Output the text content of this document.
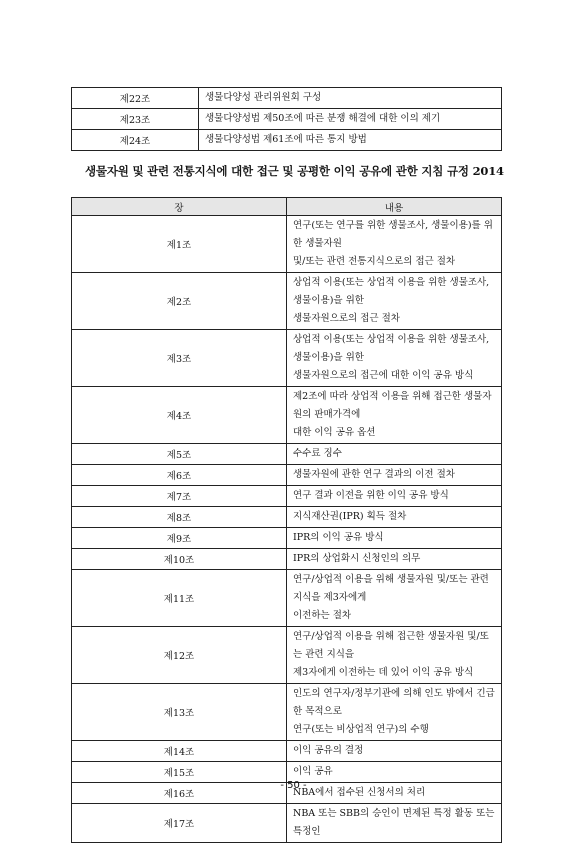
제22조	생물다양성 관리위원회 구성
제23조	생물다양성법 제50조에 따른 분쟁 해결에 대한 이의 제기
제24조	생물다양성법 제61조에 따른 통지 방법
생물자원 및 관련 전통지식에 대한 접근 및 공평한 이익 공유에 관한 지침 규정 2014
장	내용
제1조	연구(또는 연구를 위한 생물조사, 생물이용)를 위한 생물자원
및/또는 관련 전통지식으로의 접근 절차

제2조	상업적 이용(또는 상업적 이용을 위한 생물조사, 생물이용)을 위한
생물자원으로의 접근 절차

제3조	상업적 이용(또는 상업적 이용을 위한 생물조사, 생물이용)을 위한
생물자원으로의 접근에 대한 이익 공유 방식

제4조	제2조에 따라 상업적 이용을 위해 접근한 생물자원의 판매가격에
대한 이익 공유 옵션

제5조	수수료 징수

제6조	생물자원에 관한 연구 결과의 이전 절차

제7조	연구 결과 이전을 위한 이익 공유 방식

제8조	지식재산권(IPR) 획득 절차

제9조	IPR의 이익 공유 방식

제10조	IPR의 상업화시 신청인의 의무

제11조	연구/상업적 이용을 위해 생물자원 및/또는 관련 지식을 제3자에게
이전하는 절차

제12조	연구/상업적 이용을 위해 접근한 생물자원 및/또는 관련 지식을
제3자에게 이전하는 데 있어 이익 공유 방식

제13조	인도의 연구자/정부기관에 의해 인도 밖에서 긴급한 목적으로
연구(또는 비상업적 연구)의 수행

제14조	이익 공유의 결정

제15조	이익 공유

제16조	NBA에서 접수된 신청서의 처리

제17조	NBA 또는 SBB의 승인이 면제된 특정 활동 또는 특정인
- 50 -
